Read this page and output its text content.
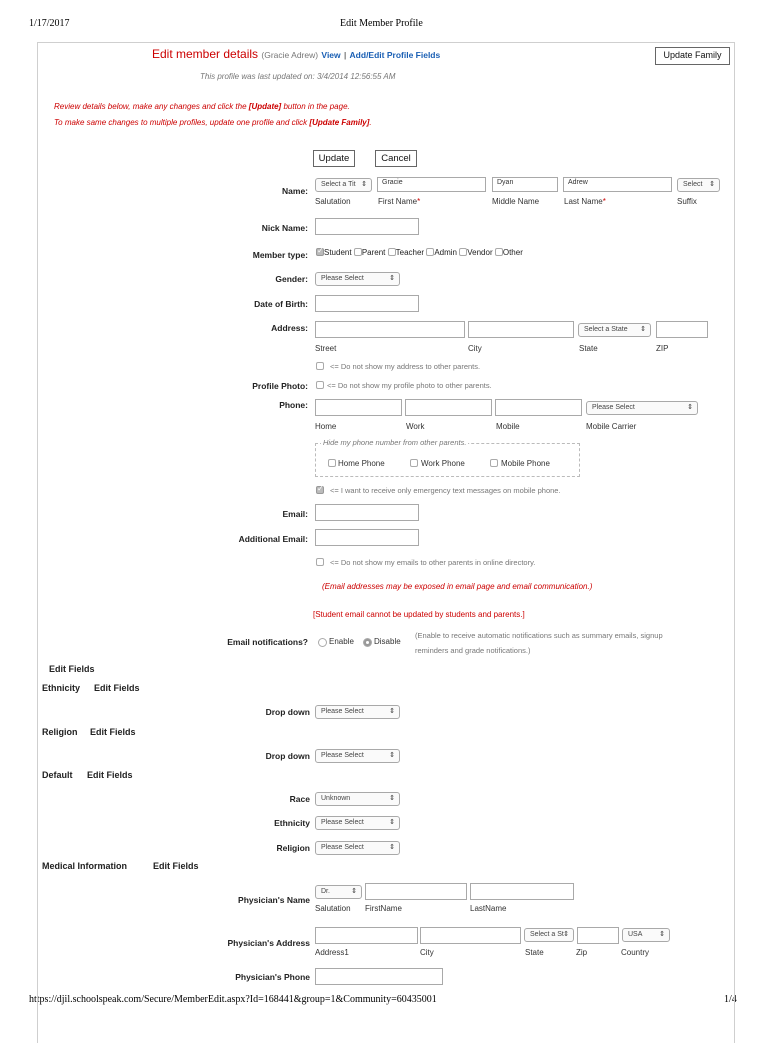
1/17/2017	Edit Member Profile
https://djil.schoolspeak.com/Secure/MemberEdit.aspx?Id=168441&group=1&Community=60435001	1/4
Edit member details (Gracie Adrew) View | Add/Edit Profile Fields	Update Family
This profile was last updated on: 3/4/2014 12:56:55 AM
Review details below, make any changes and click the [Update] button in the page.
To make same changes to multiple profiles, update one profile and click [Update Family].
Update	Cancel
Name:
Select a Tit ⇕	Gracie	Dyan	Adrew	Select ⇕
Salutation	First Name*	Middle Name	Last Name*	Suffix
Nick Name:
Member type:
✓	Student Parent Teacher Admin Vendor Other
Gender:	Please Select	⇕
Date of Birth:
Address:	Select a State ⇕
Street	City	State	ZIP
<= Do not show my address to other parents.
Profile Photo:	<= Do not show my profile photo to other parents.
Phone:	Please Select	⇕
Home	Work	Mobile	Mobile Carrier
Hide my phone number from other parents.
Home Phone	Work Phone	Mobile Phone
✓
<= I want to receive only emergency text messages on mobile phone.
Email:
Additional Email:
<= Do not show my emails to other parents in online directory.
(Email addresses may be exposed in email page and email communication.)
[Student email cannot be updated by students and parents.]
Email notifications?	Enable	Disable
(Enable to receive automatic notifications such as summary emails, signup
reminders and grade notifications.)
Edit Fields
Ethnicity Edit Fields
Drop down	Please Select	⇕
Religion Edit Fields
Drop down	Please Select	⇕
Default Edit Fields
Race	Unknown	⇕
Ethnicity	Please Select	⇕
Religion	Please Select	⇕
Medical Information	Edit Fields
Physician's Name
Dr.	⇕
Salutation FirstName	LastName
Physician's Address
Select a St ⇕	USA ⇕
Address1	City	State	Zip	Country
Physician's Phone
